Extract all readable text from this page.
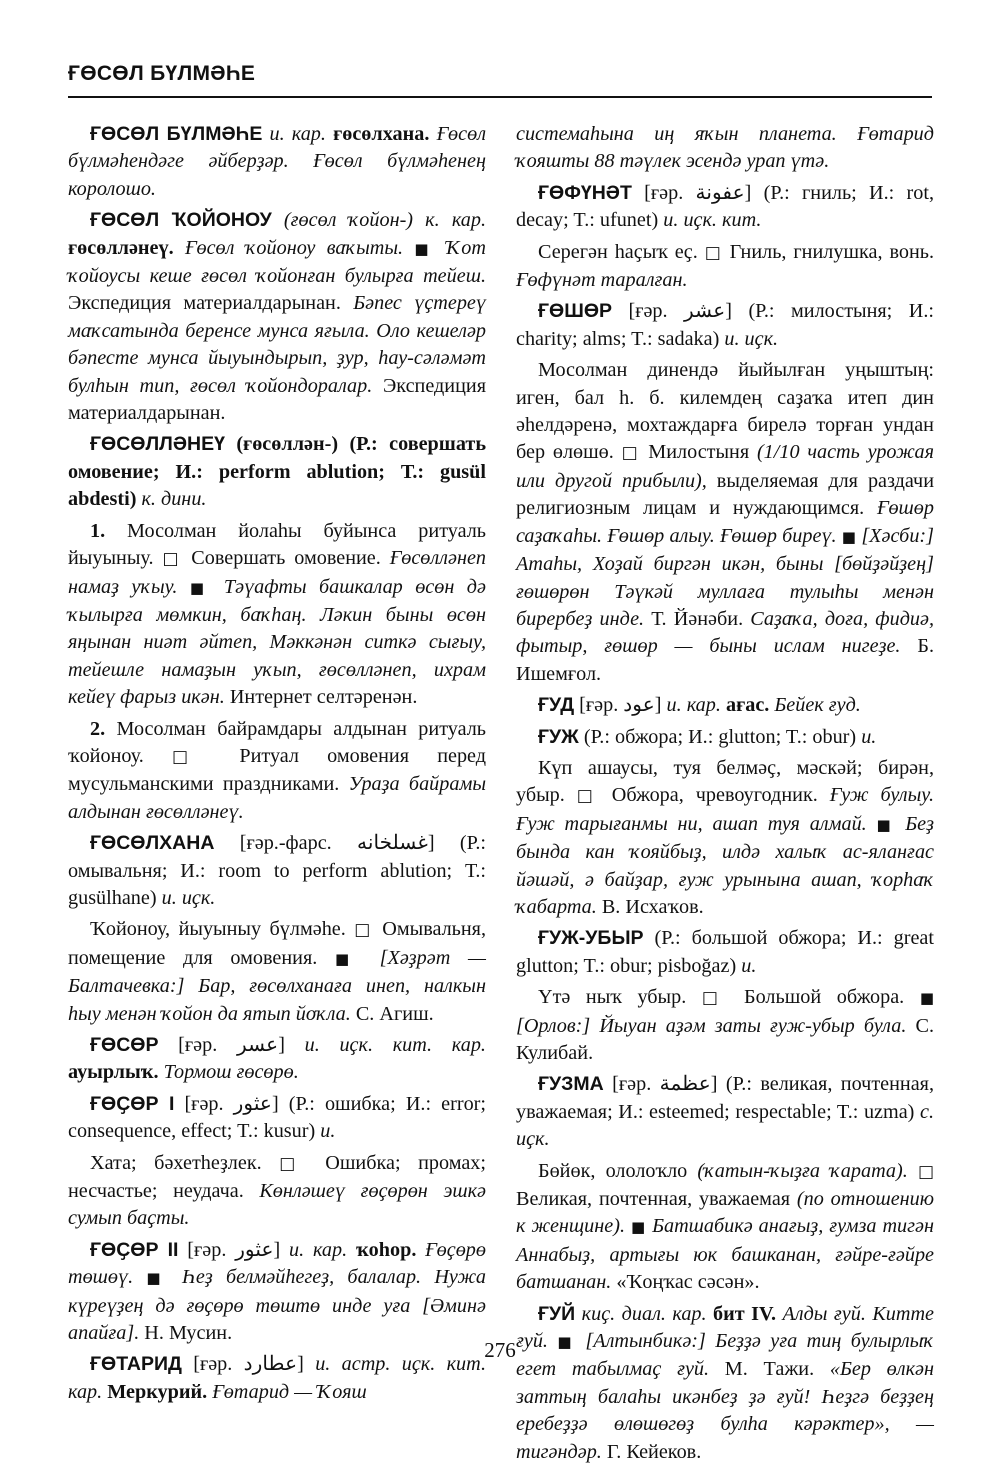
ҒӨСӨЛ БҮЛМӘҺЕ

ҒӨСӨЛ БҮЛМӘҺЕ и. кар. ғөсөлхана. Ғөсөл бүлмәһендәге әйберҙәр. Ғөсөл бүлмәһенең королошо.

ҒӨСӨЛ ҠОЙОНОУ (ғөсөл ҡойон-) к. кар. ғөсөлләнеү. Ғөсөл ҡойоноу ваҡыты. ■ Ҡот ҡойоусы кеше ғөсөл ҡойонған булырға тейеш. Экспедиция материалдарынан. Бәпес үҫтереү маҡсатында беренсе мунса яғыла. Оло кешеләр бәпесте мунса йыуындырып, ҙур, һау-сәләмәт булһын тип, ғөсөл ҡойондоралар. Экспедиция материалдарынан.

ҒӨСӨЛЛӘНЕҮ (ғөсөллән-) (Р.: совершать омовение; И.: perform ablution; Т.: gusül abdesti) к. дини.

1. Мосолман йолаһы буйынса ритуаль йыуыныу. □ Совершать омовение. Ғөсөлләнеп намаҙ уҡыу. ■ Тәүафты башкалар өсөн дә ҡылырға мөмкин, баҡһаң. Ләкин быны өсөн яңынан ниәт әйтеп, Мәккәнән ситкә сығыу, тейешле намаҙын уҡып, ғөсөлләнеп, ихрам кейеү фарыз икән. Интернет селтәренән.

2. Мосолман байрамдары алдынан ритуаль ҡойоноу. □ Ритуал омовения перед мусульманскими праздниками. Ураҙа байрамы алдынан ғөсөлләнеү.

ҒӨСӨЛХАНА [ғәр.-фарс. غسلخانه] (Р.: омывальня; И.: room to perform ablution; Т.: gusülhane) и. иҫк.

Ҡойоноу, йыуыныу бүлмәһе. □ Омывальня, помещение для омовения. ■ [Хәҙрәт — Балтачевка:] Бар, ғөсөлханаға инеп, налкын һыу менән ҡойон да ятып йоҡла. С. Агиш.

ҒӨСӨР [ғәр. عسر] и. иҫк. кит. кар. ауырлыҡ. Тормош ғөсөрө.

ҒӨҪӨР I [ғәр. عثور] (Р.: ошибка; И.: error; consequence, effect; T.: kusur) и.

Хата; бәхетһеҙлек. □ Ошибка; промах; несчастье; неудача. Көнләшеү ғөҫөрөн эшкә сумып баҫты.

ҒӨҪӨР II [ғәр. عثور] и. кар. ҡоһор. Ғөҫөрө төшөү. ■ Һеҙ белмәйһегеҙ, балалар. Нужа күреүҙең дә ғөҫөрө төштө инде уға [Әминә апайға]. Н. Мусин.

ҒӨТАРИД [ғәр. عطارد] и. астр. иҫк. кит. кар. Меркурий. Ғөтарид — Ҡояш

системаһына иң яҡын планета. Ғөтарид ҡояшты 88 тәүлек эсендә урап үтә.

ҒӨФҮНӘТ [ғәр. عفونة] (Р.: гниль; И.: rot, decay; T.: ufunet) и. иҫк. кит.

Серегән һаҫыҡ еҫ. □ Гниль, гнилушка, вонь. Ғөфүнәт таралған.

ҒӨШӨР [ғәр. عشر] (Р.: милостыня; И.: charity; alms; T.: sadaka) и. иҫк.

Мосолман динендә йыйылған уңыштың: иген, бал h. б. килемдең саҙаҡа итеп дин әһелдәренә, мохтаждарға бирелә торған ундан бер өлөшө. □ Милостыня (1/10 часть урожая или другой прибыли), выделяемая для раздачи религиозным лицам и нуждающимся. Ғөшөр саҙаҡаһы. Ғөшөр алыу. Ғөшөр биреү. ■ [Хәсби:] Атаһы, Хоҙай биргән икән, быны [бөйҙәйҙең] ғөшөрөн Тәүкәй муллаға тулыһы менән бирербеҙ инде. Т. Йәнәби. Саҙаҡа, доға, фидиә, фытыр, ғөшөр — быны ислам нигеҙе. Б. Ишемғол.

ҒУД [ғәр. عود] и. кар. ағас. Бейек ғуд.

ҒУЖ (Р.: обжора; И.: glutton; T.: obur) и.

Күп ашаусы, туя белмәҫ, мәскәй; бирән, убыр. □ Обжора, чревоугодник. Ғуж булыу. Ғуж тарығанмы ни, ашап туя алмай. ■ Беҙ бында кан ҡояйбыҙ, илдә халыҡ ас-яланғас йәшәй, ә байҙар, ғуж урынына ашап, ҡорһаҡ ҡабарта. В. Исхаҡов.

ҒУЖ-УБЫР (Р.: большой обжора; И.: great glutton; T.: obur; pisboğaz) и.

Үтә ныҡ убыр. □ Большой обжора. ■ [Орлов:] Йыуан аҙәм заты ғуж-убыр була. С. Кулибай.

ҒУЗМА [ғәр. عظمة] (Р.: великая, почтенная, уважаемая; И.: esteemed; respectable; T.: uzma) с. иҫк.

Бөйөк, ололоҡло (ҡатын-ҡыҙға ҡарата). □ Великая, почтенная, уважаемая (по отношению к женщине). ■ Батшабикә анағыҙ, ғумза тигән Аннабыҙ, артығы юк башканан, ғәйре-ғәйре батшанан. «Ҡоңҡас сәсән».

ҒУЙ киҫ. диал. кар. бит IV. Алды ғуй. Китте ғуй. ■ [Алтынбикә:] Беҙҙә уға тиң булырлыҡ егет табылмаҫ ғуй. М. Тажи. «Бер өлкән заттың балаһы икәнбеҙ ҙә ғуй! Һеҙгә беҙҙең еребеҙҙә өлөшөгөҙ булһа кәрәктер», — тигәндәр. Г. Кейеков.

276
